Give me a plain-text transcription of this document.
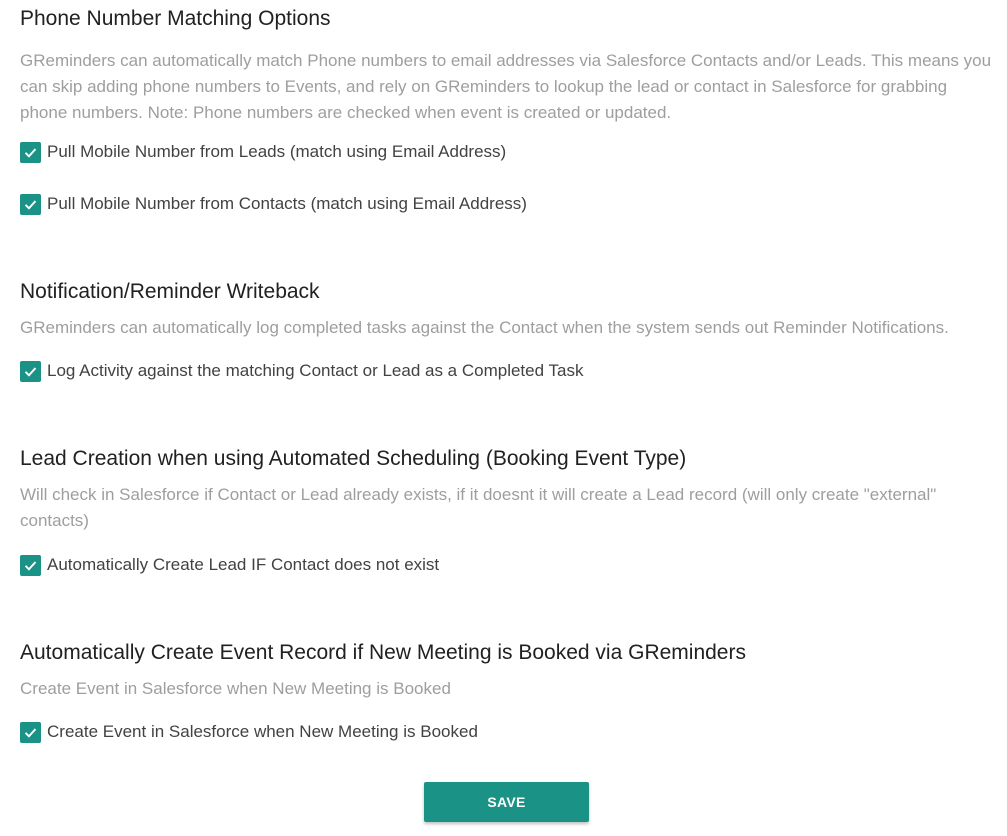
Phone Number Matching Options

GReminders can automatically match Phone numbers to email addresses via Salesforce Contacts and/or Leads. This means you can skip adding phone numbers to Events, and rely on GReminders to lookup the lead or contact in Salesforce for grabbing phone numbers. Note: Phone numbers are checked when event is created or updated.

Pull Mobile Number from Leads (match using Email Address)
Pull Mobile Number from Contacts (match using Email Address)
Notification/Reminder Writeback

GReminders can automatically log completed tasks against the Contact when the system sends out Reminder Notifications.

Log Activity against the matching Contact or Lead as a Completed Task
Lead Creation when using Automated Scheduling (Booking Event Type)

Will check in Salesforce if Contact or Lead already exists, if it doesnt it will create a Lead record (will only create "external" contacts)

Automatically Create Lead IF Contact does not exist
Automatically Create Event Record if New Meeting is Booked via GReminders

Create Event in Salesforce when New Meeting is Booked

Create Event in Salesforce when New Meeting is Booked
SAVE
